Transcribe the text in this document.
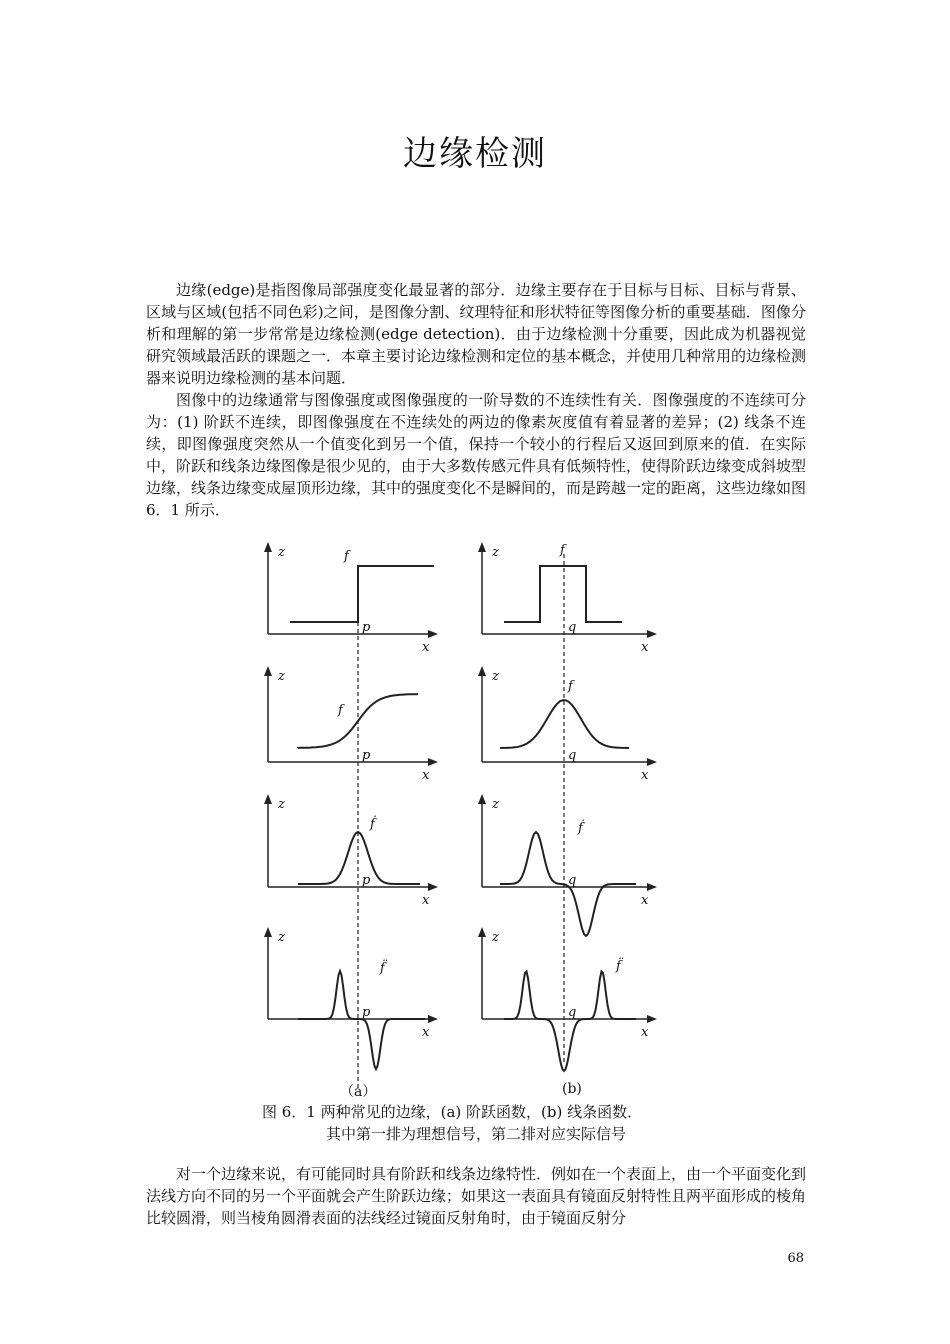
边缘检测

边缘(edge)是指图像局部强度变化最显著的部分．边缘主要存在于目标与目标、目标与背景、区域与区域(包括不同色彩)之间，是图像分割、纹理特征和形状特征等图像分析的重要基础．图像分析和理解的第一步常常是边缘检测(edge detection)．由于边缘检测十分重要，因此成为机器视觉研究领域最活跃的课题之一．本章主要讨论边缘检测和定位的基本概念，并使用几种常用的边缘检测器来说明边缘检测的基本问题．

图像中的边缘通常与图像强度或图像强度的一阶导数的不连续性有关．图像强度的不连续可分为：(1) 阶跃不连续，即图像强度在不连续处的两边的像素灰度值有着显著的差异；(2) 线条不连续，即图像强度突然从一个值变化到另一个值，保持一个较小的行程后又返回到原来的值．在实际中，阶跃和线条边缘图像是很少见的，由于大多数传感元件具有低频特性，使得阶跃边缘变成斜坡型边缘，线条边缘变成屋顶形边缘，其中的强度变化不是瞬间的，而是跨越一定的距离，这些边缘如图 6．1 所示．

z
x
z
x
z
x
z
x
z
x
z
x
z
x
z
x
p	q
p	q
p	q
p	q
f	f
f
f
ḟ	ḟ
f̈	f̈
（a）	(b)
图 6．1 两种常见的边缘，(a) 阶跃函数，(b) 线条函数．
其中第一排为理想信号，第二排对应实际信号

对一个边缘来说，有可能同时具有阶跃和线条边缘特性．例如在一个表面上，由一个平面变化到法线方向不同的另一个平面就会产生阶跃边缘；如果这一表面具有镜面反射特性且两平面形成的棱角比较圆滑，则当棱角圆滑表面的法线经过镜面反射角时，由于镜面反射分

68
